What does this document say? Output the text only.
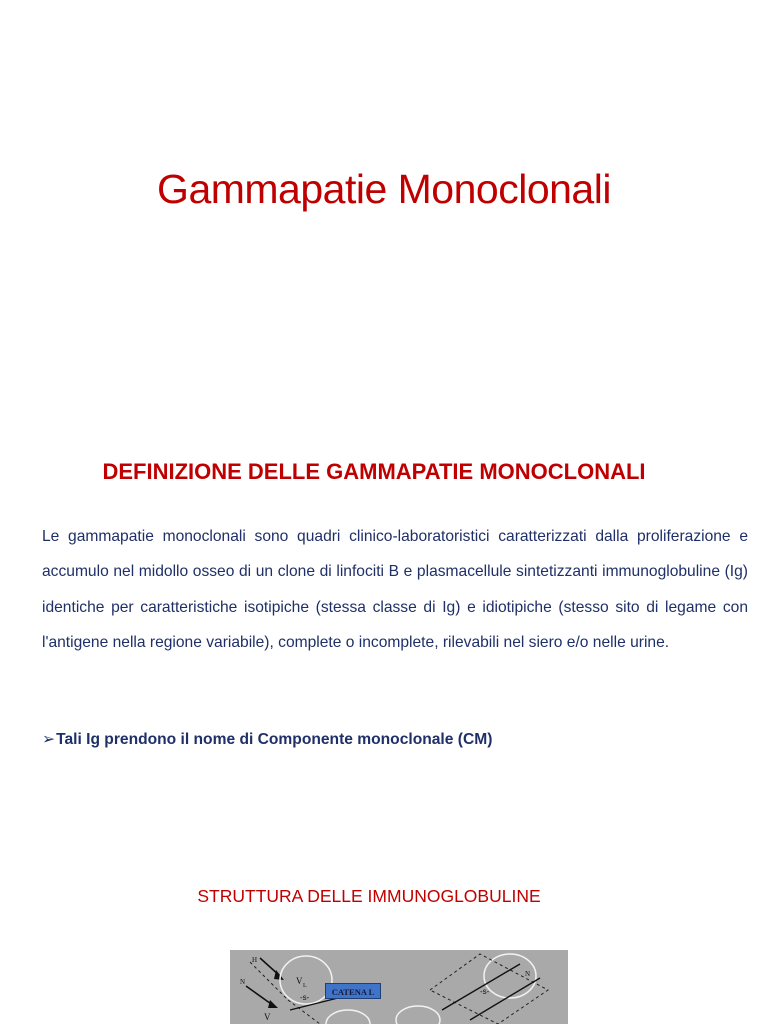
Gammapatie Monoclonali
DEFINIZIONE DELLE GAMMAPATIE MONOCLONALI

Le gammapatie monoclonali sono quadri clinico-laboratoristici caratterizzati dalla proliferazione e accumulo nel midollo osseo di un clone di linfociti B e plasmacellule sintetizzanti immunoglobuline (Ig) identiche per caratteristiche isotipiche (stessa classe di Ig) e idiotipiche (stesso sito di legame con l'antigene nella regione variabile), complete o incomplete, rilevabili nel siero e/o nelle urine.

➢Tali Ig prendono il nome di Componente monoclonale (CM)

STRUTTURA DELLE IMMUNOGLOBULINE
-s-
-s-
H
N
N
V L
V
CATENA L
